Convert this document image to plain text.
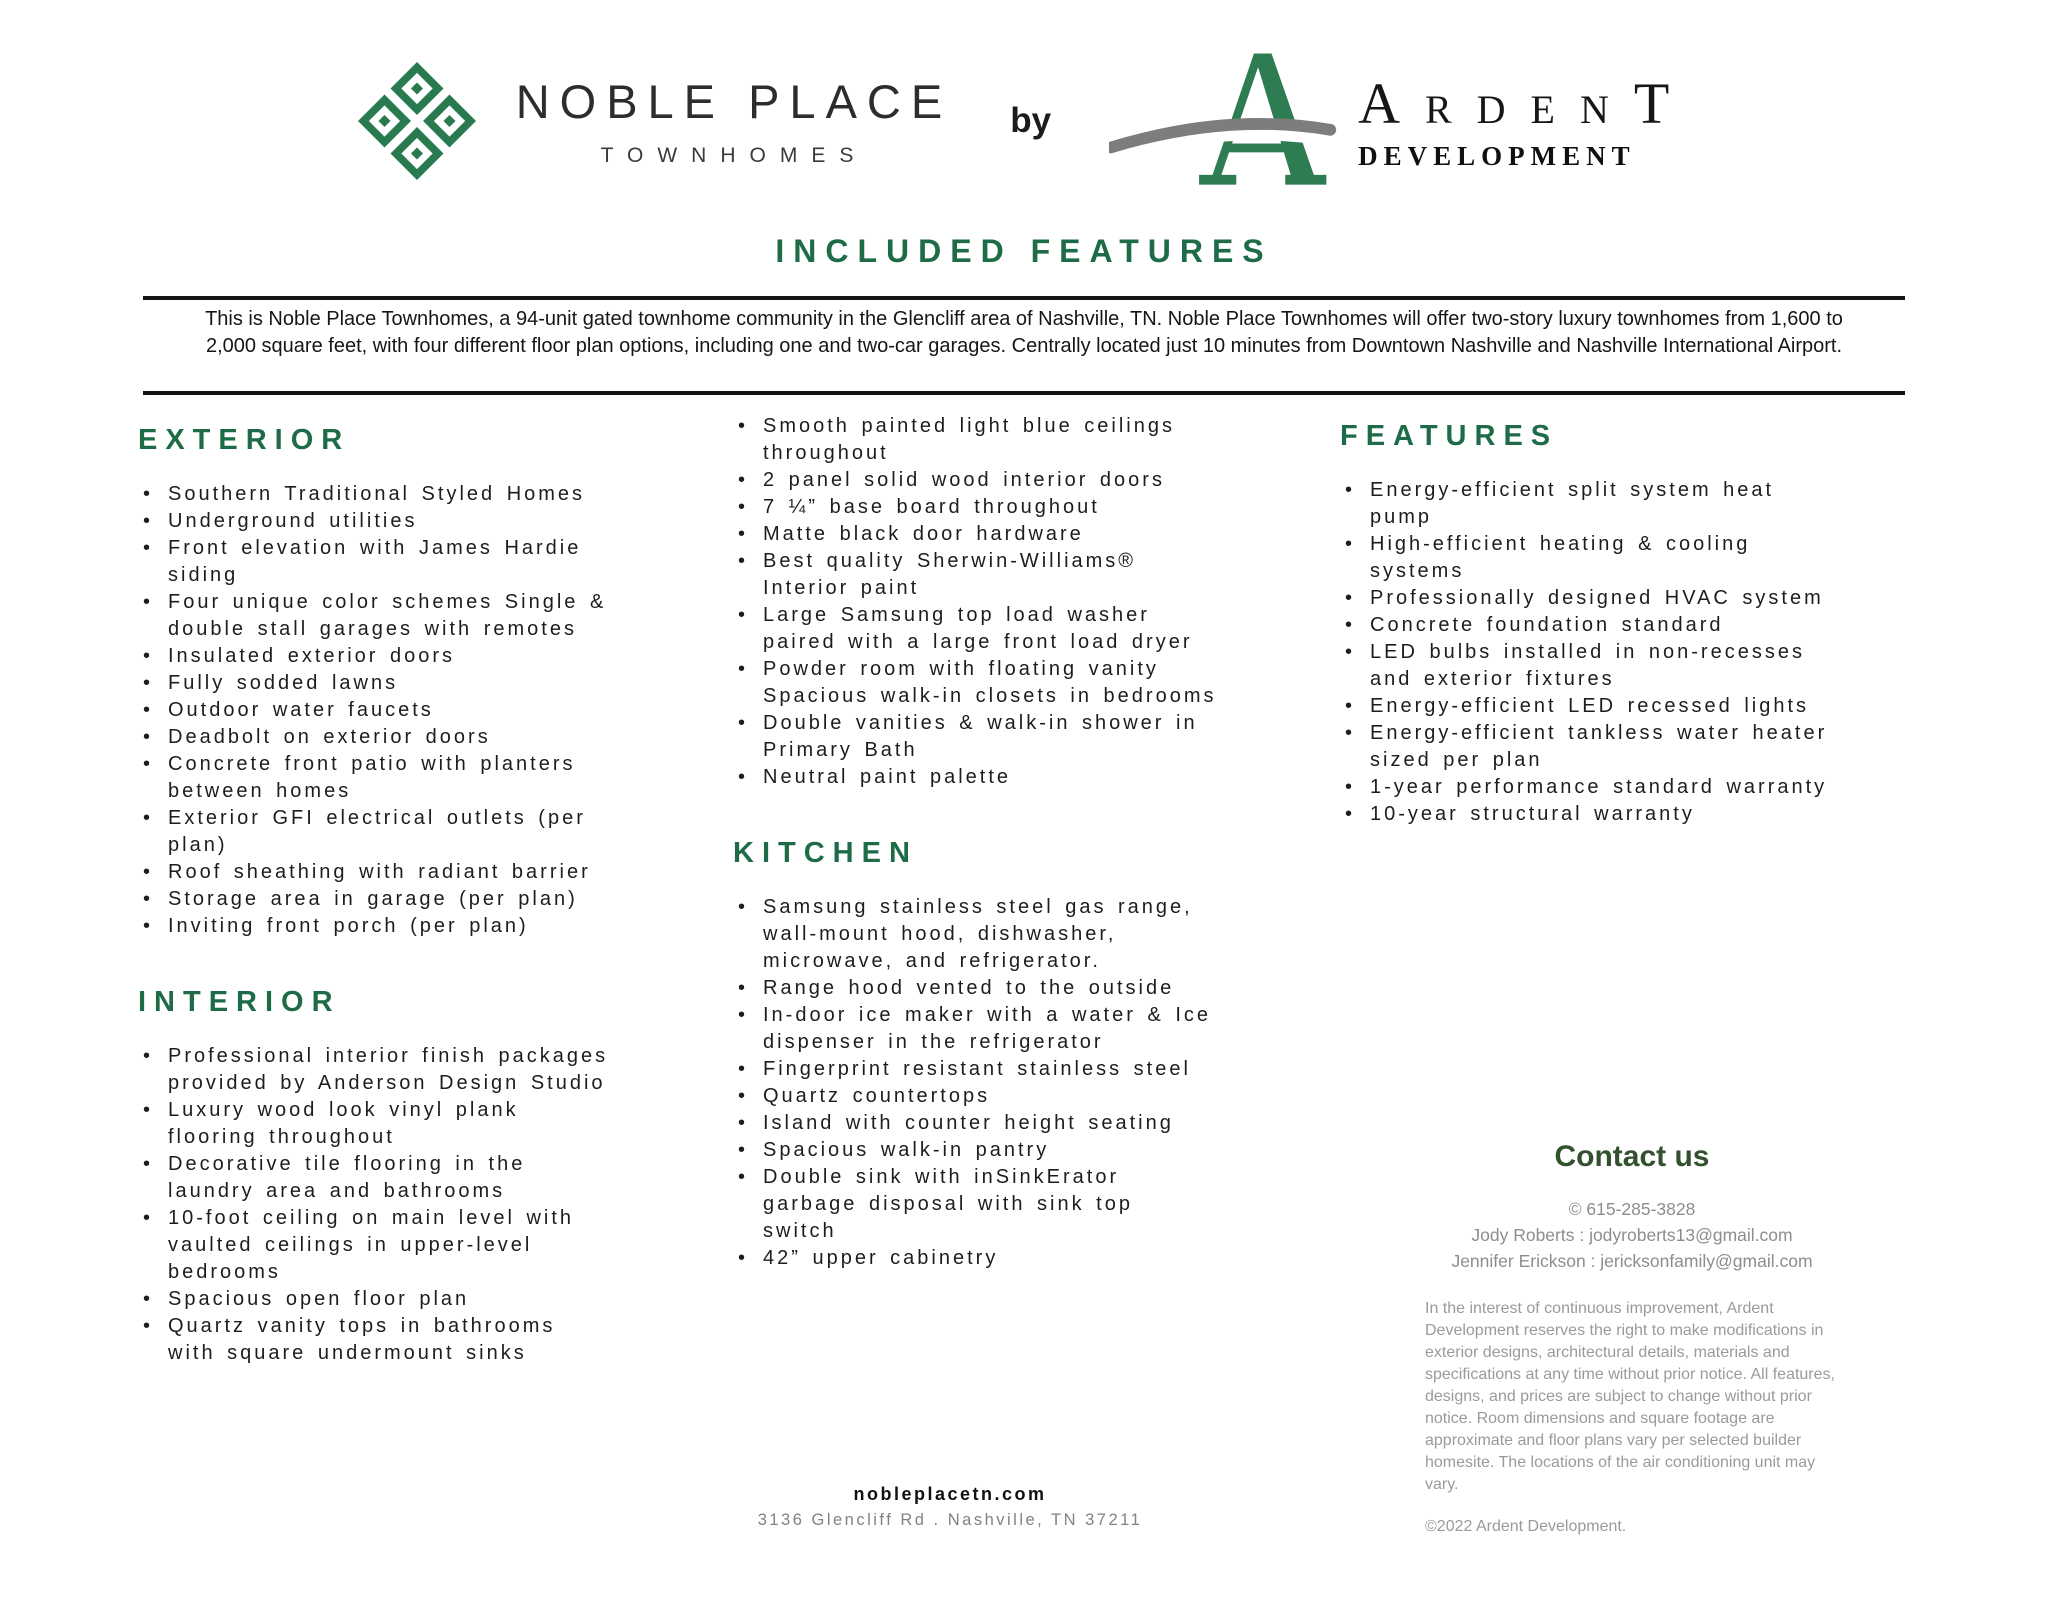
NOBLE PLACE
TOWNHOMES
by	ARDENT
DEVELOPMENT
INCLUDED FEATURES

This is Noble Place Townhomes, a 94-unit gated townhome community in the Glencliff area of Nashville, TN. Noble Place Townhomes will offer two-story luxury townhomes from 1,600 to 2,000 square feet, with four different floor plan options, including one and two-car garages. Centrally located just 10 minutes from Downtown Nashville and Nashville International Airport.

EXTERIOR
• Southern Traditional Styled Homes
• Underground utilities
• Front elevation with James Hardie siding
• Four unique color schemes Single & double stall garages with remotes
• Insulated exterior doors
• Fully sodded lawns
• Outdoor water faucets
• Deadbolt on exterior doors
• Concrete front patio with planters between homes
• Exterior GFI electrical outlets (per plan)
• Roof sheathing with radiant barrier
• Storage area in garage (per plan)
• Inviting front porch (per plan)
INTERIOR
• Professional interior finish packages provided by Anderson Design Studio
• Luxury wood look vinyl plank flooring throughout
• Decorative tile flooring in the laundry area and bathrooms
• 10-foot ceiling on main level with vaulted ceilings in upper-level bedrooms
• Spacious open floor plan
• Quartz vanity tops in bathrooms with square undermount sinks
• Smooth painted light blue ceilings throughout
• 2 panel solid wood interior doors
• 7 ¼” base board throughout
• Matte black door hardware
• Best quality Sherwin-Williams® Interior paint
• Large Samsung top load washer paired with a large front load dryer
• Powder room with floating vanity Spacious walk-in closets in bedrooms
• Double vanities & walk-in shower in Primary Bath
• Neutral paint palette
KITCHEN
• Samsung stainless steel gas range, wall-mount hood, dishwasher, microwave, and refrigerator.
• Range hood vented to the outside
• In-door ice maker with a water & Ice dispenser in the refrigerator
• Fingerprint resistant stainless steel
• Quartz countertops
• Island with counter height seating
• Spacious walk-in pantry
• Double sink with inSinkErator garbage disposal with sink top switch
• 42” upper cabinetry
FEATURES
• Energy-efficient split system heat pump
• High-efficient heating & cooling systems
• Professionally designed HVAC system
• Concrete foundation standard
• LED bulbs installed in non-recesses and exterior fixtures
• Energy-efficient LED recessed lights
• Energy-efficient tankless water heater sized per plan
• 1-year performance standard warranty
• 10-year structural warranty
Contact us

© 615-285-3828

Jody Roberts : jodyroberts13@gmail.com

Jennifer Erickson : jericksonfamily@gmail.com

In the interest of continuous improvement, Ardent Development reserves the right to make modifications in exterior designs, architectural details, materials and specifications at any time without prior notice. All features, designs, and prices are subject to change without prior notice. Room dimensions and square footage are approximate and floor plans vary per selected builder homesite. The locations of the air conditioning unit may vary.
©2022 Ardent Development.
nobleplacetn.com
3136 Glencliff Rd . Nashville, TN 37211
